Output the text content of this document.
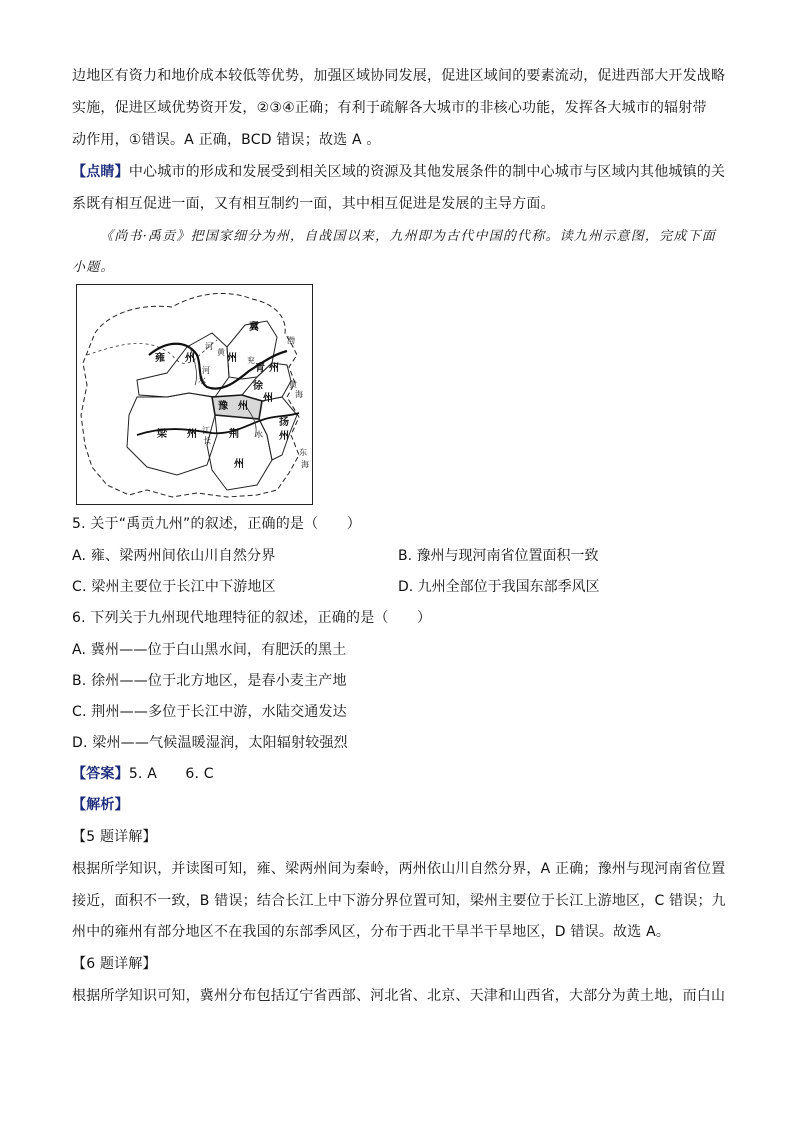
边地区有资力和地价成本较低等优势，加强区域协同发展，促进区域间的要素流动，促进西部大开发战略
实施，促进区域优势资开发，②③④正确；有利于疏解各大城市的非核心功能，发挥各大城市的辐射带
动作用，①错误。A 正确，BCD 错误；故选 A 。
【点睛】中心城市的形成和发展受到相关区域的资源及其他发展条件的制中心城市与区域内其他城镇的关
系既有相互促进一面，又有相互制约一面，其中相互促进是发展的主导方面。
《尚书·禹贡》把国家细分为州，自战国以来，九州即为古代中国的代称。读九州示意图，完成下面
小题。
雍 州
冀
州 兖
青 州
徐
州
豫 州
梁 州	荆
州
扬
州
河
黄
水
河
江
长
水
渤
黄
海
东
海
5. 关于“禹贡九州”的叙述，正确的是（　　）
A. 雍、梁两州间依山川自然分界	B. 豫州与现河南省位置面积一致
C. 梁州主要位于长江中下游地区	D. 九州全部位于我国东部季风区
6. 下列关于九州现代地理特征的叙述，正确的是（　　）
A. 冀州——位于白山黑水间，有肥沃的黑土
B. 徐州——位于北方地区，是春小麦主产地
C. 荆州——多位于长江中游，水陆交通发达
D. 梁州——气候温暖湿润，太阳辐射较强烈
【答案】5. A　　6. C
【解析】
【5 题详解】
根据所学知识，并读图可知，雍、梁两州间为秦岭，两州依山川自然分界，A 正确；豫州与现河南省位置
接近，面积不一致，B 错误；结合长江上中下游分界位置可知，梁州主要位于长江上游地区，C 错误；九
州中的雍州有部分地区不在我国的东部季风区，分布于西北干旱半干旱地区，D 错误。故选 A。
【6 题详解】
根据所学知识可知，冀州分布包括辽宁省西部、河北省、北京、天津和山西省，大部分为黄土地，而白山
